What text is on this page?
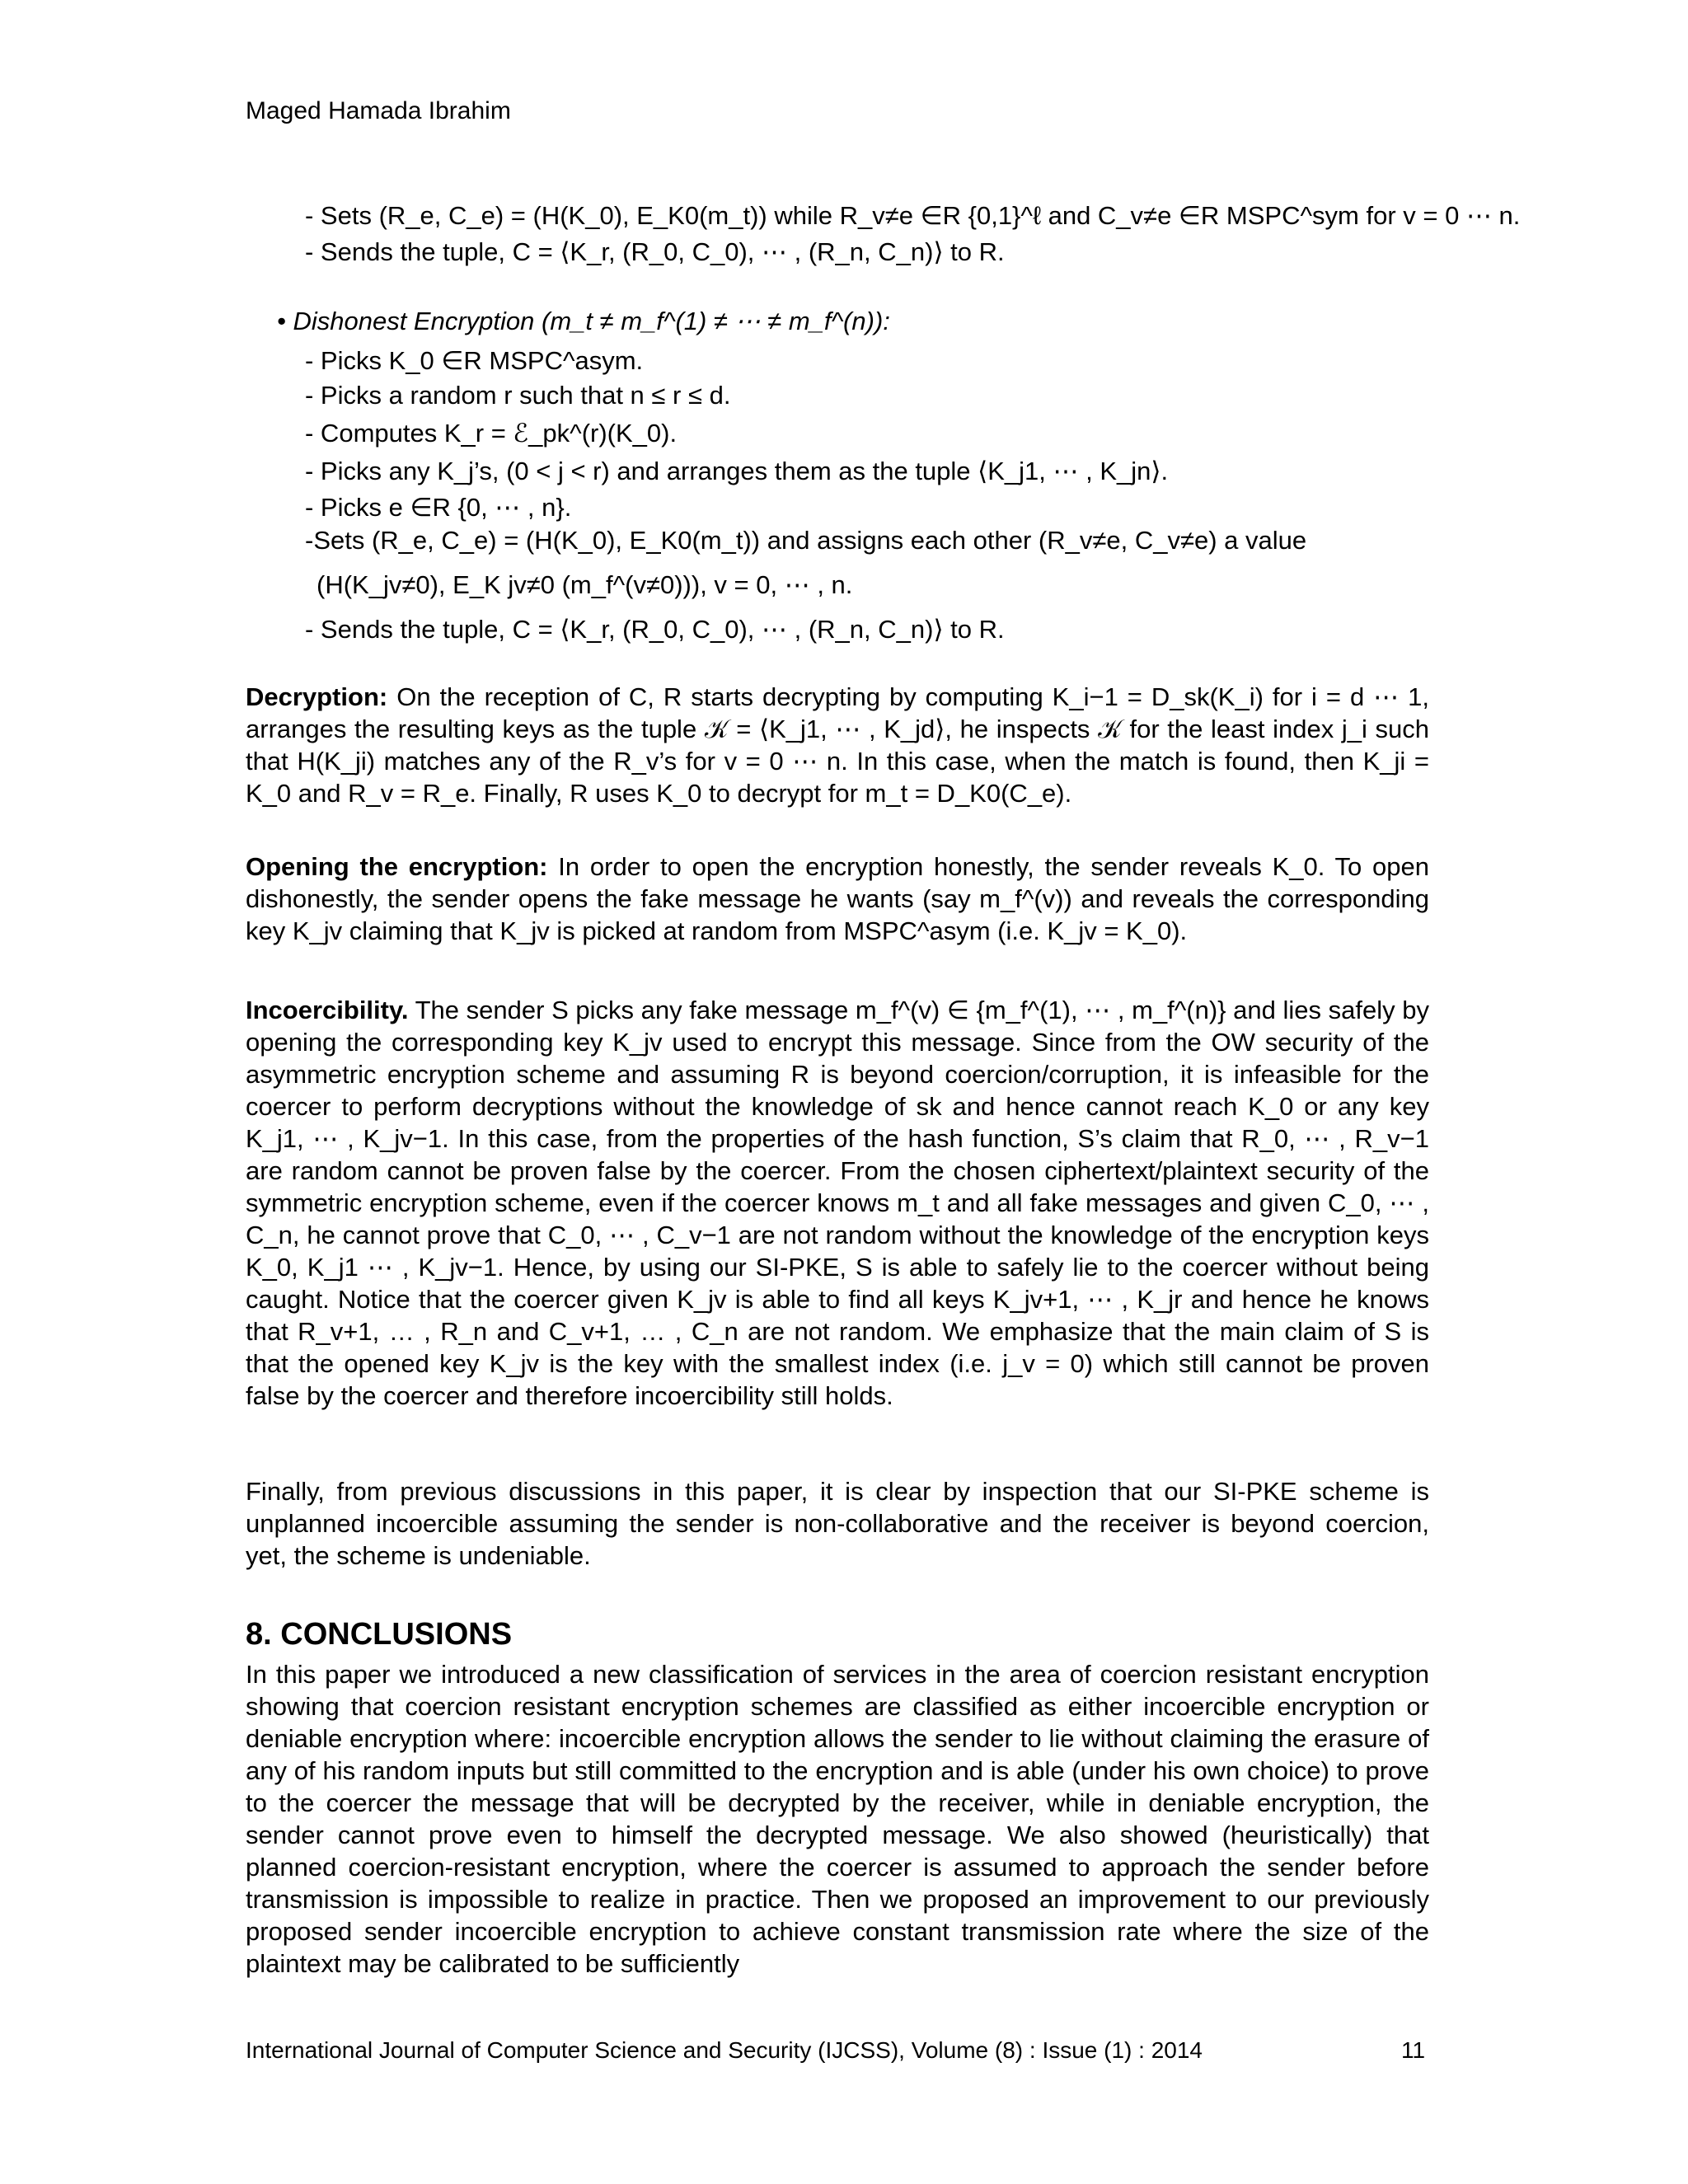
Maged Hamada Ibrahim
- Sets (R_e, C_e) = (H(K_0), E_K0(m_t)) while R_v≠e ∈R {0,1}^ℓ and C_v≠e ∈R MSPC^sym for v = 0 ⋯ n.
- Sends the tuple, C = ⟨K_r, (R_0, C_0), ⋯ , (R_n, C_n)⟩ to R.
• Dishonest Encryption (m_t ≠ m_f^(1) ≠ ⋯ ≠ m_f^(n)):
- Picks K_0 ∈R MSPC^asym.
- Picks a random r such that n ≤ r ≤ d.
- Computes K_r = ℰ_pk^(r)(K_0).
- Picks any K_j’s, (0 < j < r) and arranges them as the tuple ⟨K_j1, ⋯ , K_jn⟩.
- Picks e ∈R {0, ⋯ , n}.
-Sets (R_e, C_e) = (H(K_0), E_K0(m_t)) and assigns each other (R_v≠e, C_v≠e) a value
(H(K_jv≠0), E_K jv≠0 (m_f^(v≠0))), v = 0, ⋯ , n.
- Sends the tuple, C = ⟨K_r, (R_0, C_0), ⋯ , (R_n, C_n)⟩ to R.
Decryption: On the reception of C, R starts decrypting by computing K_i−1 = D_sk(K_i) for i = d ⋯ 1, arranges the resulting keys as the tuple 𝒦 = ⟨K_j1, ⋯ , K_jd⟩, he inspects 𝒦 for the least index j_i such that H(K_ji) matches any of the R_v’s for v = 0 ⋯ n. In this case, when the match is found, then K_ji = K_0 and R_v = R_e. Finally, R uses K_0 to decrypt for m_t = D_K0(C_e).
Opening the encryption: In order to open the encryption honestly, the sender reveals K_0. To open dishonestly, the sender opens the fake message he wants (say m_f^(v)) and reveals the corresponding key K_jv claiming that K_jv is picked at random from MSPC^asym (i.e. K_jv = K_0).
Incoercibility. The sender S picks any fake message m_f^(v) ∈ {m_f^(1), ⋯ , m_f^(n)} and lies safely by opening the corresponding key K_jv used to encrypt this message. Since from the OW security of the asymmetric encryption scheme and assuming R is beyond coercion/corruption, it is infeasible for the coercer to perform decryptions without the knowledge of sk and hence cannot reach K_0 or any key K_j1, ⋯ , K_jv−1. In this case, from the properties of the hash function, S’s claim that R_0, ⋯ , R_v−1 are random cannot be proven false by the coercer. From the chosen ciphertext/plaintext security of the symmetric encryption scheme, even if the coercer knows m_t and all fake messages and given C_0, ⋯ , C_n, he cannot prove that C_0, ⋯ , C_v−1 are not random without the knowledge of the encryption keys K_0, K_j1 ⋯ , K_jv−1. Hence, by using our SI-PKE, S is able to safely lie to the coercer without being caught. Notice that the coercer given K_jv is able to find all keys K_jv+1, ⋯ , K_jr and hence he knows that R_v+1, … , R_n and C_v+1, … , C_n are not random. We emphasize that the main claim of S is that the opened key K_jv is the key with the smallest index (i.e. j_v = 0) which still cannot be proven false by the coercer and therefore incoercibility still holds.
Finally, from previous discussions in this paper, it is clear by inspection that our SI-PKE scheme is unplanned incoercible assuming the sender is non-collaborative and the receiver is beyond coercion, yet, the scheme is undeniable.
8. CONCLUSIONS
In this paper we introduced a new classification of services in the area of coercion resistant encryption showing that coercion resistant encryption schemes are classified as either incoercible encryption or deniable encryption where: incoercible encryption allows the sender to lie without claiming the erasure of any of his random inputs but still committed to the encryption and is able (under his own choice) to prove to the coercer the message that will be decrypted by the receiver, while in deniable encryption, the sender cannot prove even to himself the decrypted message. We also showed (heuristically) that planned coercion-resistant encryption, where the coercer is assumed to approach the sender before transmission is impossible to realize in practice. Then we proposed an improvement to our previously proposed sender incoercible encryption to achieve constant transmission rate where the size of the plaintext may be calibrated to be sufficiently
International Journal of Computer Science and Security (IJCSS), Volume (8) : Issue (1) : 2014	11
